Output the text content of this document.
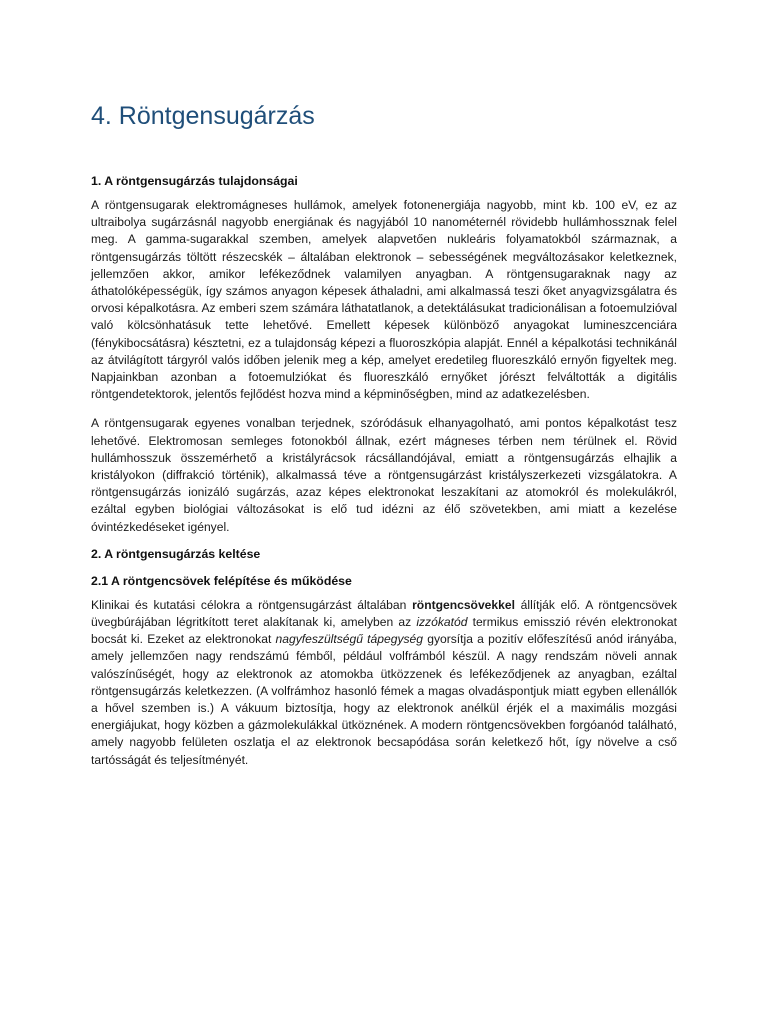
4. Röntgensugárzás
1. A röntgensugárzás tulajdonságai

A röntgensugarak elektromágneses hullámok, amelyek fotonenergiája nagyobb, mint kb. 100 eV, ez az ultraibolya sugárzásnál nagyobb energiának és nagyjából 10 nanométernél rövidebb hullámhossznak felel meg. A gamma-sugarakkal szemben, amelyek alapvetően nukleáris folyamatokból származnak, a röntgensugárzás töltött részecskék – általában elektronok – sebességének megváltozásakor keletkeznek, jellemzően akkor, amikor lefékeződnek valamilyen anyagban. A röntgensugaraknak nagy az áthatolóképességük, így számos anyagon képesek áthaladni, ami alkalmassá teszi őket anyagvizsgálatra és orvosi képalkotásra. Az emberi szem számára láthatatlanok, a detektálásukat tradicionálisan a fotoemulzióval való kölcsönhatásuk tette lehetővé. Emellett képesek különböző anyagokat lumineszcenciára (fénykibocsátásra) késztetni, ez a tulajdonság képezi a fluoroszkópia alapját. Ennél a képalkotási technikánál az átvilágított tárgyról valós időben jelenik meg a kép, amelyet eredetileg fluoreszkáló ernyőn figyeltek meg. Napjainkban azonban a fotoemulziókat és fluoreszkáló ernyőket jórészt felváltották a digitális röntgendetektorok, jelentős fejlődést hozva mind a képminőségben, mind az adatkezelésben.

A röntgensugarak egyenes vonalban terjednek, szóródásuk elhanyagolható, ami pontos képalkotást tesz lehetővé. Elektromosan semleges fotonokból állnak, ezért mágneses térben nem térülnek el. Rövid hullámhosszuk összemérhető a kristályrácsok rácsállandójával, emiatt a röntgensugárzás elhajlik a kristályokon (diffrakció történik), alkalmassá téve a röntgensugárzást kristályszerkezeti vizsgálatokra. A röntgensugárzás ionizáló sugárzás, azaz képes elektronokat leszakítani az atomokról és molekulákról, ezáltal egyben biológiai változásokat is elő tud idézni az élő szövetekben, ami miatt a kezelése óvintézkedéseket igényel.

2. A röntgensugárzás keltése
2.1 A röntgencsövek felépítése és működése

Klinikai és kutatási célokra a röntgensugárzást általában röntgencsövekkel állítják elő. A röntgencsövek üvegbúrájában légritkított teret alakítanak ki, amelyben az izzókatód termikus emisszió révén elektronokat bocsát ki. Ezeket az elektronokat nagyfeszültségű tápegység gyorsítja a pozitív előfeszítésű anód irányába, amely jellemzően nagy rendszámú fémből, például volfrámból készül. A nagy rendszám növeli annak valószínűségét, hogy az elektronok az atomokba ütközzenek és lefékeződjenek az anyagban, ezáltal röntgensugárzás keletkezzen. (A volfrámhoz hasonló fémek a magas olvadáspontjuk miatt egyben ellenállók a hővel szemben is.) A vákuum biztosítja, hogy az elektronok anélkül érjék el a maximális mozgási energiájukat, hogy közben a gázmolekulákkal ütköznének. A modern röntgencsövekben forgóanód található, amely nagyobb felületen oszlatja el az elektronok becsapódása során keletkező hőt, így növelve a cső tartósságát és teljesítményét.
